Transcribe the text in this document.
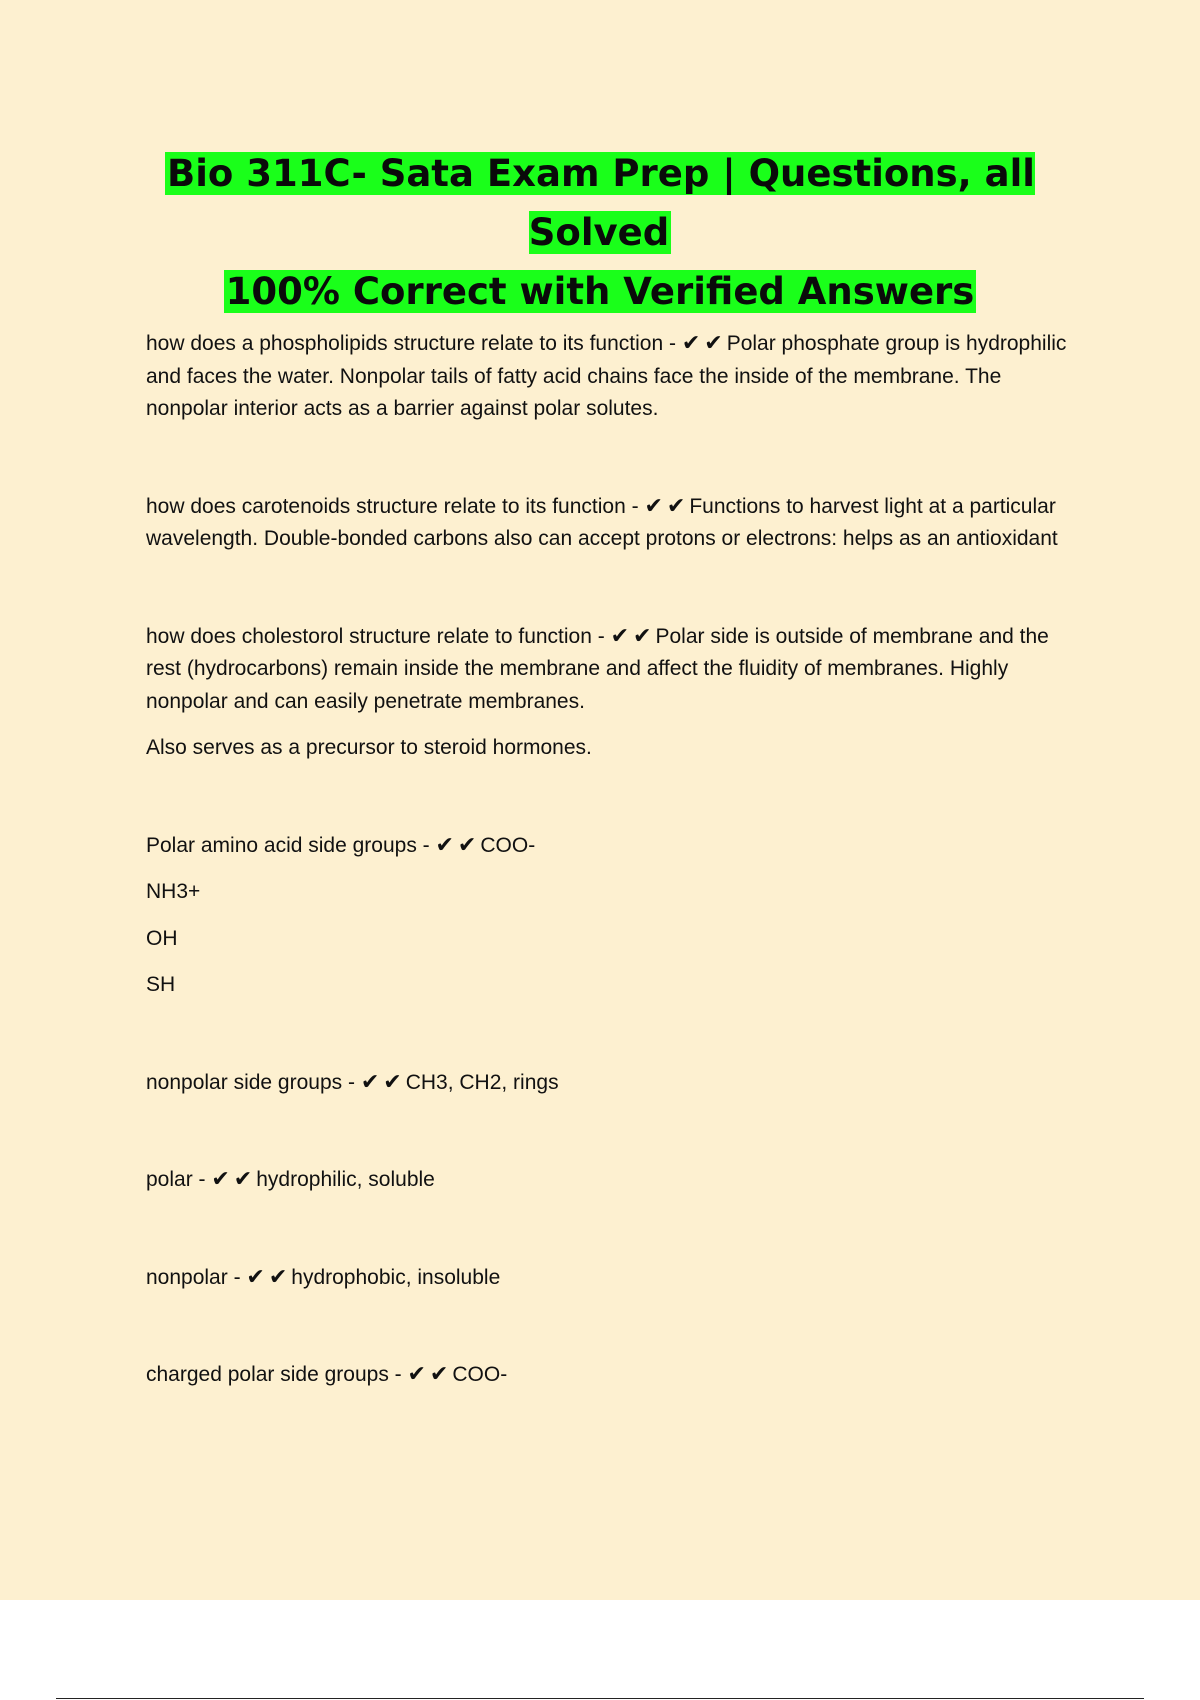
Bio 311C- Sata Exam Prep | Questions, all Solved
100% Correct with Verified Answers

how does a phospholipids structure relate to its function - ✔✔Polar phosphate group is hydrophilic and faces the water. Nonpolar tails of fatty acid chains face the inside of the membrane. The nonpolar interior acts as a barrier against polar solutes.

how does carotenoids structure relate to its function - ✔✔Functions to harvest light at a particular wavelength. Double-bonded carbons also can accept protons or electrons: helps as an antioxidant

how does cholestorol structure relate to function - ✔✔Polar side is outside of membrane and the rest (hydrocarbons) remain inside the membrane and affect the fluidity of membranes. Highly nonpolar and can easily penetrate membranes.

Also serves as a precursor to steroid hormones.

Polar amino acid side groups - ✔✔COO-

NH3+

OH

SH

nonpolar side groups - ✔✔CH3, CH2, rings

polar - ✔✔hydrophilic, soluble

nonpolar - ✔✔hydrophobic, insoluble

charged polar side groups - ✔✔COO-
